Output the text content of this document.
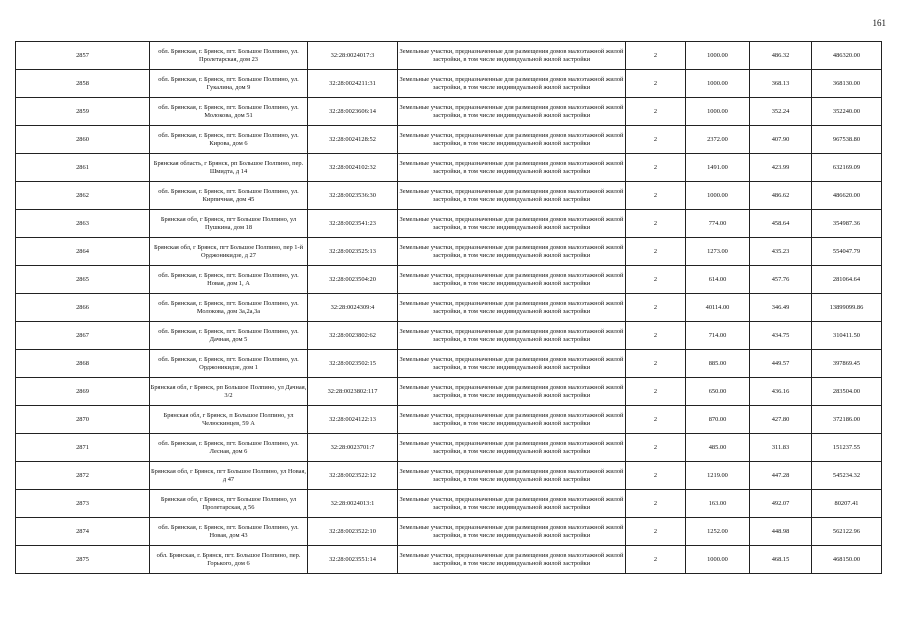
161
2857	обл. Брянская, г. Брянск, пгт. Большое Полпино, ул. Пролетарская, дом 23	32:28:0024017:3	Земельные участки, предназначенные для размещения домов малоэтажной жилой застройки, в том числе индивидуальной жилой застройки	2	1000.00	486.32	486320.00
2858	обл. Брянская, г. Брянск, пгт. Большое Полпино, ул. Гукалина, дом 9	32:28:0024211:31	Земельные участки, предназначенные для размещения домов малоэтажной жилой застройки, в том числе индивидуальной жилой застройки	2	1000.00	368.13	368130.00
2859	обл. Брянская, г. Брянск, пгт. Большое Полпино, ул. Молокова, дом 51	32:28:0023606:14	Земельные участки, предназначенные для размещения домов малоэтажной жилой застройки, в том числе индивидуальной жилой застройки	2	1000.00	352.24	352240.00
2860	обл. Брянская, г. Брянск, пгт. Большое Полпино, ул. Кирова, дом 6	32:28:0024128:52	Земельные участки, предназначенные для размещения домов малоэтажной жилой застройки, в том числе индивидуальной жилой застройки	2	2372.00	407.90	967538.80
2861	Брянская область, г Брянск, рп Большое Полпино, пер. Шмидта, д 14	32:28:0024102:32	Земельные участки, предназначенные для размещения домов малоэтажной жилой застройки, в том числе индивидуальной жилой застройки	2	1491.00	423.99	632169.09
2862	обл. Брянская, г. Брянск, пгт. Большое Полпино, ул. Кирпичная, дом 45	32:28:0023536:30	Земельные участки, предназначенные для размещения домов малоэтажной жилой застройки, в том числе индивидуальной жилой застройки	2	1000.00	486.62	486620.00
2863	Брянская обл, г Брянск, пгт Большое Полпино, ул Пушкина, дом 18	32:28:0023541:23	Земельные участки, предназначенные для размещения домов малоэтажной жилой застройки, в том числе индивидуальной жилой застройки	2	774.00	458.64	354987.36
2864	Брянская обл, г Брянск, пгт Большое Полпино, пер 1-й Орджоникидзе, д 27	32:28:0023525:13	Земельные участки, предназначенные для размещения домов малоэтажной жилой застройки, в том числе индивидуальной жилой застройки	2	1273.00	435.23	554047.79
2865	обл. Брянская, г. Брянск, пгт. Большое Полпино, ул. Новая, дом 1, А	32:28:0023504:20	Земельные участки, предназначенные для размещения домов малоэтажной жилой застройки, в том числе индивидуальной жилой застройки	2	614.00	457.76	281064.64
2866	обл. Брянская, г. Брянск, пгт. Большое Полпино, ул. Молокова, дом 3а,2а,3а	32:28:0024309:4	Земельные участки, предназначенные для размещения домов малоэтажной жилой застройки, в том числе индивидуальной жилой застройки	2	40114.00	346.49	13899099.86
2867	обл. Брянская, г. Брянск, пгт. Большое Полпино, ул. Дачная, дом 5	32:28:0023802:62	Земельные участки, предназначенные для размещения домов малоэтажной жилой застройки, в том числе индивидуальной жилой застройки	2	714.00	434.75	310411.50
2868	обл. Брянская, г. Брянск, пгт. Большое Полпино, ул. Орджоникидзе, дом 1	32:28:0023502:15	Земельные участки, предназначенные для размещения домов малоэтажной жилой застройки, в том числе индивидуальной жилой застройки	2	885.00	449.57	397869.45
2869	Брянская обл, г Брянск, рп Большое Полпино, ул Дачная, 3/2	32:28:0023802:117	Земельные участки, предназначенные для размещения домов малоэтажной жилой застройки, в том числе индивидуальной жилой застройки	2	650.00	436.16	283504.00
2870	Брянская обл, г Брянск, п Большое Полпино, ул Челюскинцев, 59 А	32:28:0024122:13	Земельные участки, предназначенные для размещения домов малоэтажной жилой застройки, в том числе индивидуальной жилой застройки	2	870.00	427.80	372186.00
2871	обл. Брянская, г. Брянск, пгт. Большое Полпино, ул. Лесная, дом 6	32:28:0023701:7	Земельные участки, предназначенные для размещения домов малоэтажной жилой застройки, в том числе индивидуальной жилой застройки	2	485.00	311.83	151237.55
2872	Брянская обл, г Брянск, пгт Большое Полпино, ул Новая, д 47	32:28:0023522:12	Земельные участки, предназначенные для размещения домов малоэтажной жилой застройки, в том числе индивидуальной жилой застройки	2	1219.00	447.28	545234.32
2873	Брянская обл, г Брянск, пгт Большое Полпино, ул Пролетарская, д 56	32:28:0024013:1	Земельные участки, предназначенные для размещения домов малоэтажной жилой застройки, в том числе индивидуальной жилой застройки	2	163.00	492.07	80207.41
2874	обл. Брянская, г. Брянск, пгт. Большое Полпино, ул. Новая, дом 43	32:28:0023522:10	Земельные участки, предназначенные для размещения домов малоэтажной жилой застройки, в том числе индивидуальной жилой застройки	2	1252.00	448.98	562122.96
2875	обл. Брянская, г. Брянск, пгт. Большое Полпино, пер. Горького, дом 6	32:28:0023551:14	Земельные участки, предназначенные для размещения домов малоэтажной жилой застройки, в том числе индивидуальной жилой застройки	2	1000.00	468.15	468150.00
